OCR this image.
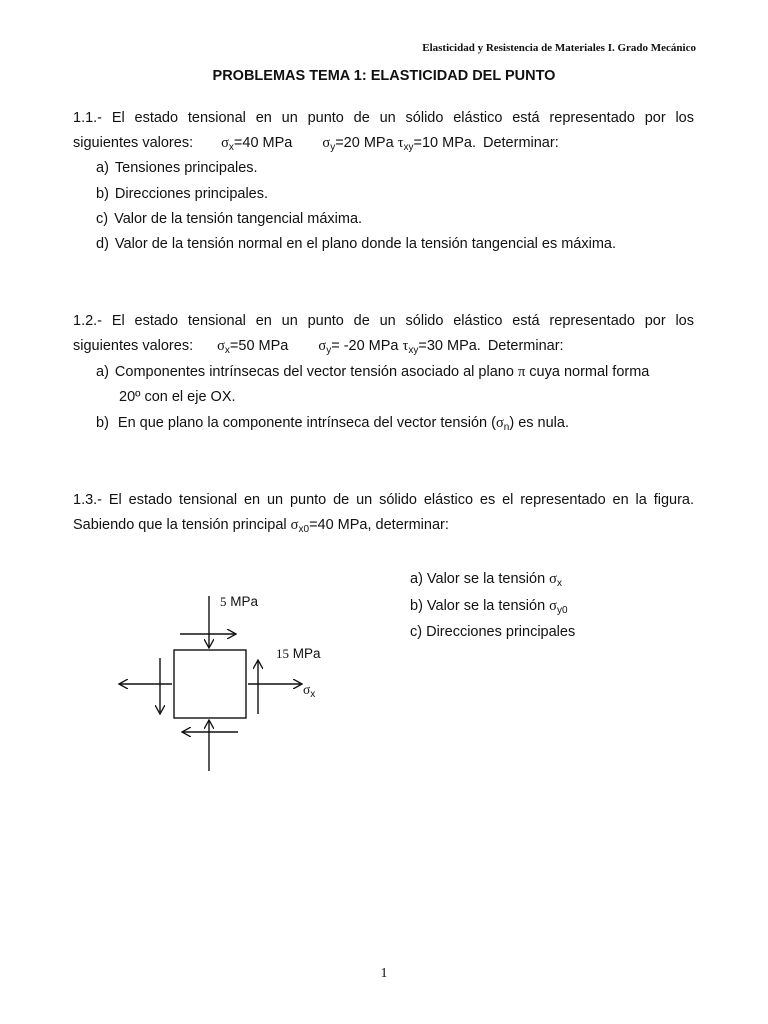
Elasticidad y Resistencia de Materiales I. Grado Mecánico
PROBLEMAS TEMA 1: ELASTICIDAD DEL PUNTO
1.1.- El estado tensional en un punto de un sólido elástico está representado por los
siguientes valores: $\sigma_x=40$ MPa $\sigma_y=20$ MPa $\tau_{xy}=10$ MPa. Determinar:
a) Tensiones principales.
b) Direcciones principales.
c) Valor de la tensión tangencial máxima.
d) Valor de la tensión normal en el plano donde la tensión tangencial es máxima.
1.2.- El estado tensional en un punto de un sólido elástico está representado por los
siguientes valores: $\sigma_x=50$ MPa $\sigma_y= -20$ MPa $\tau_{xy}=30$ MPa. Determinar:
a) Componentes intrínsecas del vector tensión asociado al plano π cuya normal forma
20º con el eje OX.
b) En que plano la componente intrínseca del vector tensión $(\sigma_n)$ es nula.
1.3.- El estado tensional en un punto de un sólido elástico es el representado en la figura.
Sabiendo que la tensión principal $\sigma_{x0}=40$ MPa, determinar:
a) Valor se la tensión $\sigma_x$
b) Valor se la tensión $\sigma_{y0}$
c) Direcciones principales
5 MPa
15 MPa
$\sigma_x$
1
